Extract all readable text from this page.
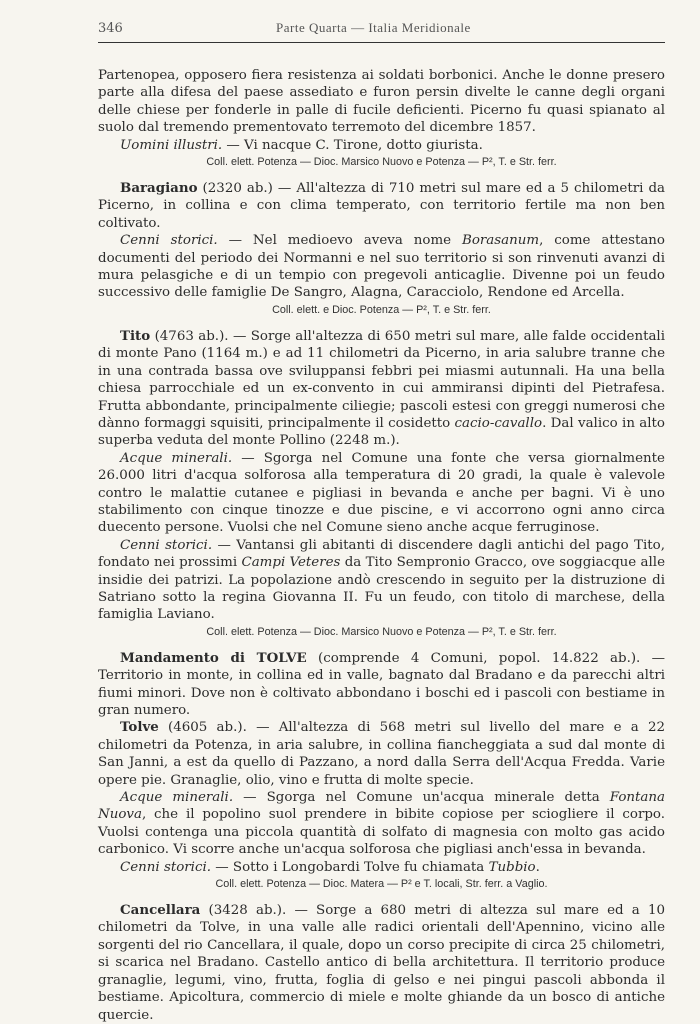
346	Parte Quarta — Italia Meridionale

Partenopea, opposero fiera resistenza ai soldati borbonici. Anche le donne presero parte alla difesa del paese assediato e furon persin divelte le canne degli organi delle chiese per fonderle in palle di fucile deficienti. Picerno fu quasi spianato al suolo dal tremendo prementovato terremoto del dicembre 1857.

Uomini illustri. — Vi nacque C. Tirone, dotto giurista.

Coll. elett. Potenza — Dioc. Marsico Nuovo e Potenza — P², T. e Str. ferr.

Baragiano (2320 ab.) — All'altezza di 710 metri sul mare ed a 5 chilometri da Picerno, in collina e con clima temperato, con territorio fertile ma non ben coltivato.

Cenni storici. — Nel medioevo aveva nome Borasanum, come attestano documenti del periodo dei Normanni e nel suo territorio si son rinvenuti avanzi di mura pelasgiche e di un tempio con pregevoli anticaglie. Divenne poi un feudo successivo delle famiglie De Sangro, Alagna, Caracciolo, Rendone ed Arcella.

Coll. elett. e Dioc. Potenza — P², T. e Str. ferr.

Tito (4763 ab.). — Sorge all'altezza di 650 metri sul mare, alle falde occidentali di monte Pano (1164 m.) e ad 11 chilometri da Picerno, in aria salubre tranne che in una contrada bassa ove sviluppansi febbri pei miasmi autunnali. Ha una bella chiesa parrocchiale ed un ex-convento in cui ammiransi dipinti del Pietrafesa. Frutta abbondante, principalmente ciliegie; pascoli estesi con greggi numerosi che dànno formaggi squisiti, principalmente il cosidetto cacio-cavallo. Dal valico in alto superba veduta del monte Pollino (2248 m.).

Acque minerali. — Sgorga nel Comune una fonte che versa giornalmente 26.000 litri d'acqua solforosa alla temperatura di 20 gradi, la quale è valevole contro le malattie cutanee e pigliasi in bevanda e anche per bagni. Vi è uno stabilimento con cinque tinozze e due piscine, e vi accorrono ogni anno circa duecento persone. Vuolsi che nel Comune sieno anche acque ferruginose.

Cenni storici. — Vantansi gli abitanti di discendere dagli antichi del pago Tito, fondato nei prossimi Campi Veteres da Tito Sempronio Gracco, ove soggiacque alle insidie dei patrizi. La popolazione andò crescendo in seguito per la distruzione di Satriano sotto la regina Giovanna II. Fu un feudo, con titolo di marchese, della famiglia Laviano.

Coll. elett. Potenza — Dioc. Marsico Nuovo e Potenza — P², T. e Str. ferr.

Mandamento di TOLVE (comprende 4 Comuni, popol. 14.822 ab.). — Territorio in monte, in collina ed in valle, bagnato dal Bradano e da parecchi altri fiumi minori. Dove non è coltivato abbondano i boschi ed i pascoli con bestiame in gran numero.

Tolve (4605 ab.). — All'altezza di 568 metri sul livello del mare e a 22 chilometri da Potenza, in aria salubre, in collina fiancheggiata a sud dal monte di San Janni, a est da quello di Pazzano, a nord dalla Serra dell'Acqua Fredda. Varie opere pie. Granaglie, olio, vino e frutta di molte specie.

Acque minerali. — Sgorga nel Comune un'acqua minerale detta Fontana Nuova, che il popolino suol prendere in bibite copiose per sciogliere il corpo. Vuolsi contenga una piccola quantità di solfato di magnesia con molto gas acido carbonico. Vi scorre anche un'acqua solforosa che pigliasi anch'essa in bevanda.

Cenni storici. — Sotto i Longobardi Tolve fu chiamata Tubbio.

Coll. elett. Potenza — Dioc. Matera — P² e T. locali, Str. ferr. a Vaglio.

Cancellara (3428 ab.). — Sorge a 680 metri di altezza sul mare ed a 10 chilometri da Tolve, in una valle alle radici orientali dell'Apennino, vicino alle sorgenti del rio Cancellara, il quale, dopo un corso precipite di circa 25 chilometri, si scarica nel Bradano. Castello antico di bella architettura. Il territorio produce granaglie, legumi, vino, frutta, foglia di gelso e nei pingui pascoli abbonda il bestiame. Apicoltura, commercio di miele e molte ghiande da un bosco di antiche quercie.
